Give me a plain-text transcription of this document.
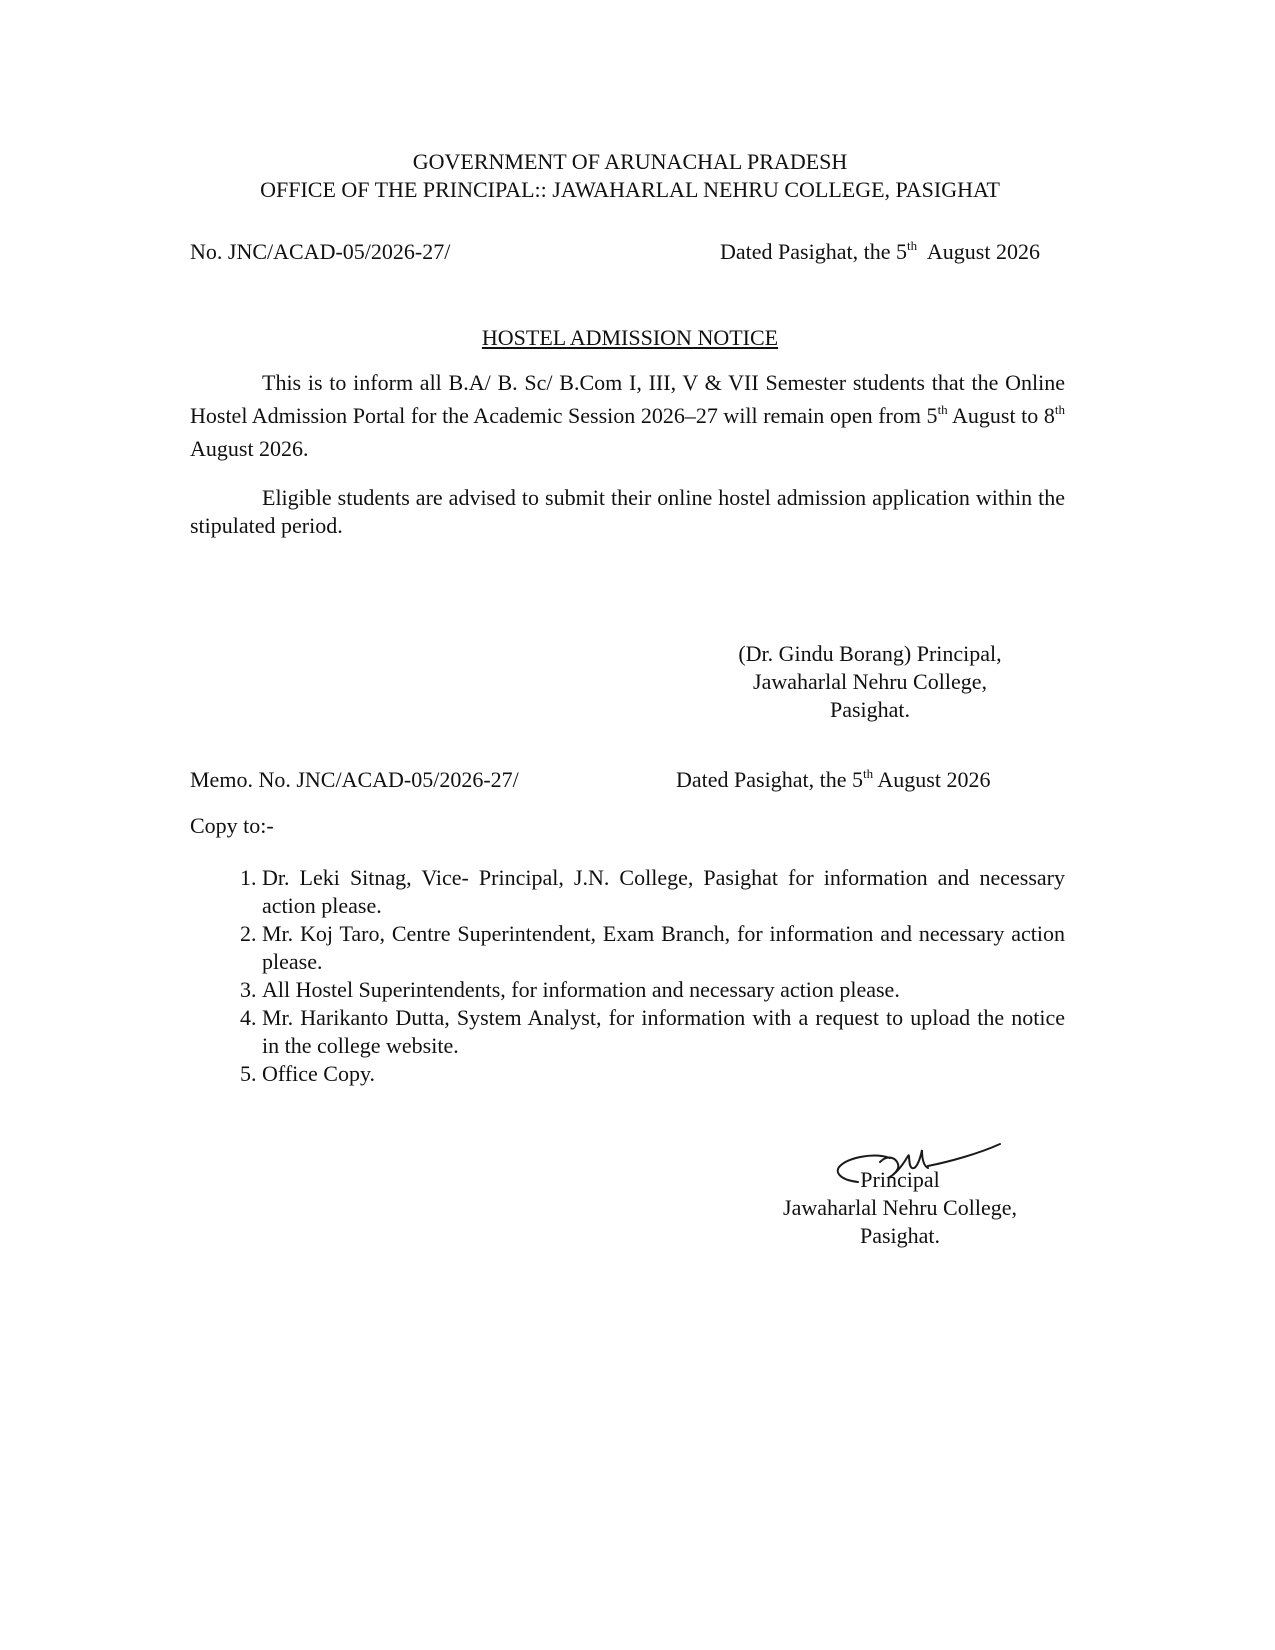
GOVERNMENT OF ARUNACHAL PRADESH
OFFICE OF THE PRINCIPAL:: JAWAHARLAL NEHRU COLLEGE, PASIGHAT
No. JNC/ACAD-05/2026-27/	Dated Pasighat, the 5th August 2026
HOSTEL ADMISSION NOTICE
This is to inform all B.A/ B. Sc/ B.Com I, III, V & VII Semester students that the Online Hostel Admission Portal for the Academic Session 2026–27 will remain open from 5th August to 8th August 2026.
Eligible students are advised to submit their online hostel admission application within the stipulated period.
(Dr. Gindu Borang) Principal,
Jawaharlal Nehru College,
Pasighat.
Memo. No. JNC/ACAD-05/2026-27/	Dated Pasighat, the 5th August 2026
Copy to:-
1. Dr. Leki Sitnag, Vice- Principal, J.N. College, Pasighat for information and necessary action please.
2. Mr. Koj Taro, Centre Superintendent, Exam Branch, for information and necessary action please.
3. All Hostel Superintendents, for information and necessary action please.
4. Mr. Harikanto Dutta, System Analyst, for information with a request to upload the notice in the college website.
5. Office Copy.
Principal
Jawaharlal Nehru College,
Pasighat.
